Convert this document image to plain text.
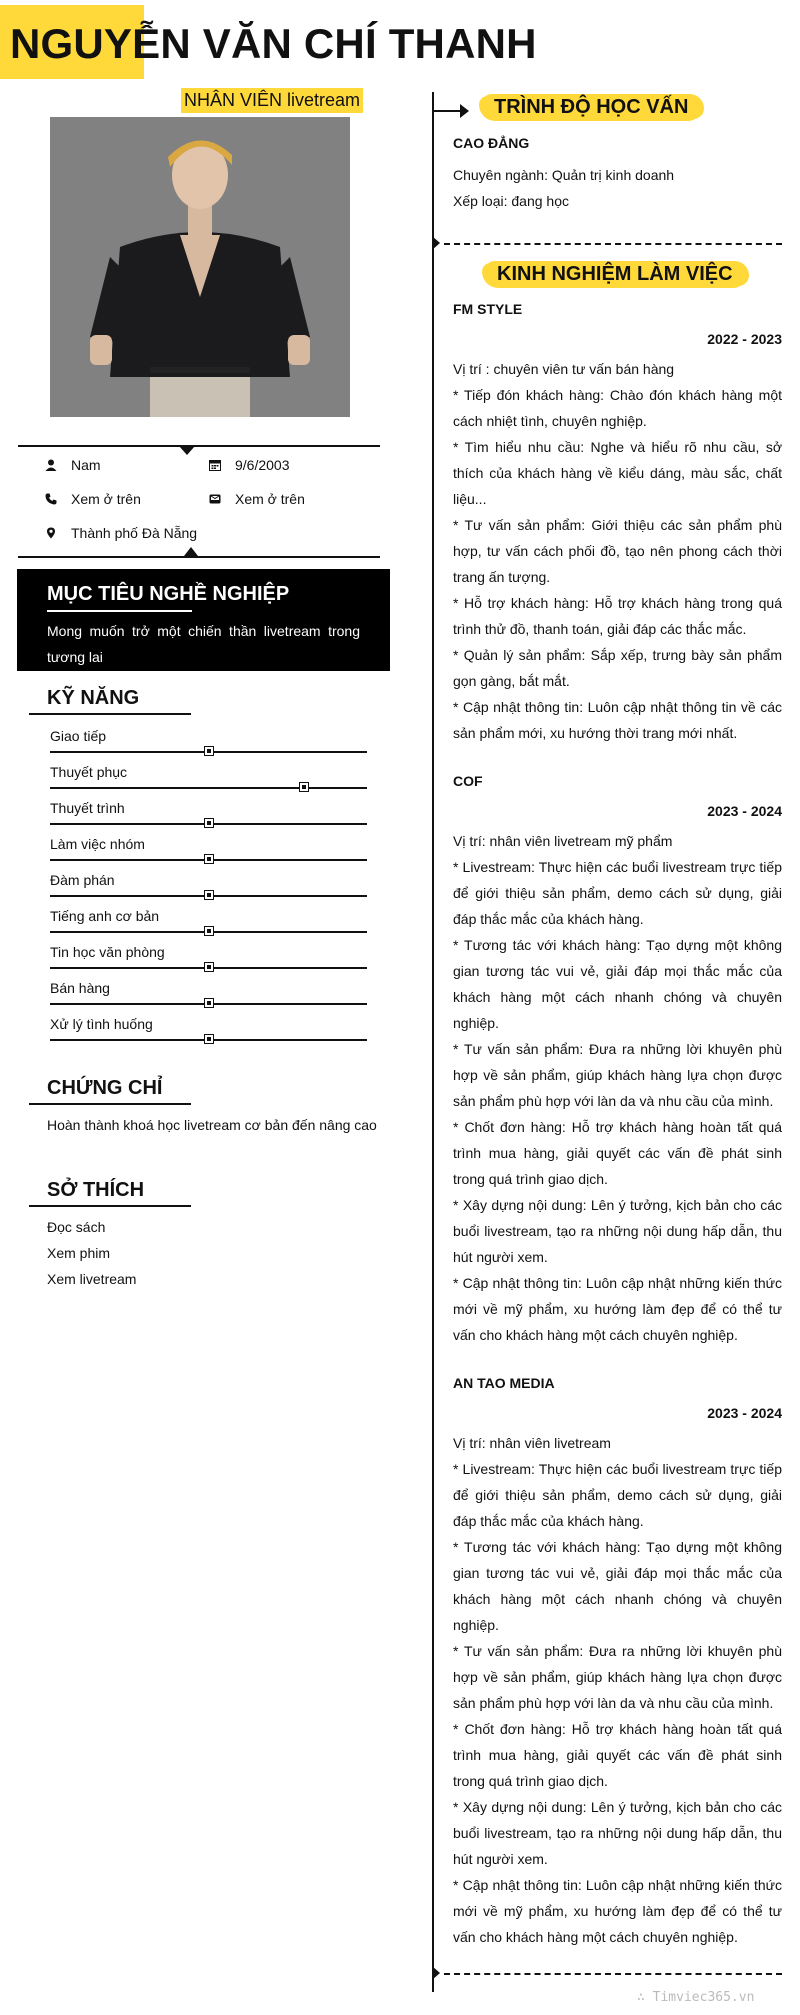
NGUYỄN VĂN CHÍ THANH
NHÂN VIÊN livetream
Nam	9/6/2003
Xem ở trên	Xem ở trên
Thành phố Đà Nẵng
MỤC TIÊU NGHỀ NGHIỆP

Mong muốn trở một chiến thần livetream trong tương lai

KỸ NĂNG
Giao tiếp
Thuyết phục
Thuyết trình
Làm việc nhóm
Đàm phán
Tiếng anh cơ bản
Tin học văn phòng
Bán hàng
Xử lý tình huống
CHỨNG CHỈ
Hoàn thành khoá học livetream cơ bản đến nâng cao
SỞ THÍCH
Đọc sách
Xem phim
Xem livetream
TRÌNH ĐỘ HỌC VẤN
CAO ĐẲNG
Chuyên ngành: Quản trị kinh doanh
Xếp loại: đang học
KINH NGHIỆM LÀM VIỆC
FM STYLE
2022 - 2023
Vị trí : chuyên viên tư vấn bán hàng
* Tiếp đón khách hàng: Chào đón khách hàng một cách nhiệt tình, chuyên nghiệp.
* Tìm hiểu nhu cầu: Nghe và hiểu rõ nhu cầu, sở thích của khách hàng về kiểu dáng, màu sắc, chất liệu...
* Tư vấn sản phẩm: Giới thiệu các sản phẩm phù hợp, tư vấn cách phối đồ, tạo nên phong cách thời trang ấn tượng.
* Hỗ trợ khách hàng: Hỗ trợ khách hàng trong quá trình thử đồ, thanh toán, giải đáp các thắc mắc.
* Quản lý sản phẩm: Sắp xếp, trưng bày sản phẩm gọn gàng, bắt mắt.
* Cập nhật thông tin: Luôn cập nhật thông tin về các sản phẩm mới, xu hướng thời trang mới nhất.
COF
2023 - 2024
Vị trí: nhân viên livetream mỹ phẩm
* Livestream: Thực hiện các buổi livestream trực tiếp để giới thiệu sản phẩm, demo cách sử dụng, giải đáp thắc mắc của khách hàng.
* Tương tác với khách hàng: Tạo dựng một không gian tương tác vui vẻ, giải đáp mọi thắc mắc của khách hàng một cách nhanh chóng và chuyên nghiệp.
* Tư vấn sản phẩm: Đưa ra những lời khuyên phù hợp về sản phẩm, giúp khách hàng lựa chọn được sản phẩm phù hợp với làn da và nhu cầu của mình.
* Chốt đơn hàng: Hỗ trợ khách hàng hoàn tất quá trình mua hàng, giải quyết các vấn đề phát sinh trong quá trình giao dịch.
* Xây dựng nội dung: Lên ý tưởng, kịch bản cho các buổi livestream, tạo ra những nội dung hấp dẫn, thu hút người xem.
* Cập nhật thông tin: Luôn cập nhật những kiến thức mới về mỹ phẩm, xu hướng làm đẹp để có thể tư vấn cho khách hàng một cách chuyên nghiệp.
AN TAO MEDIA
2023 - 2024
Vị trí: nhân viên livetream
* Livestream: Thực hiện các buổi livestream trực tiếp để giới thiệu sản phẩm, demo cách sử dụng, giải đáp thắc mắc của khách hàng.
* Tương tác với khách hàng: Tạo dựng một không gian tương tác vui vẻ, giải đáp mọi thắc mắc của khách hàng một cách nhanh chóng và chuyên nghiệp.
* Tư vấn sản phẩm: Đưa ra những lời khuyên phù hợp về sản phẩm, giúp khách hàng lựa chọn được sản phẩm phù hợp với làn da và nhu cầu của mình.
* Chốt đơn hàng: Hỗ trợ khách hàng hoàn tất quá trình mua hàng, giải quyết các vấn đề phát sinh trong quá trình giao dịch.
* Xây dựng nội dung: Lên ý tưởng, kịch bản cho các buổi livestream, tạo ra những nội dung hấp dẫn, thu hút người xem.
* Cập nhật thông tin: Luôn cập nhật những kiến thức mới về mỹ phẩm, xu hướng làm đẹp để có thể tư vấn cho khách hàng một cách chuyên nghiệp.
∴ Timviec365.vn
